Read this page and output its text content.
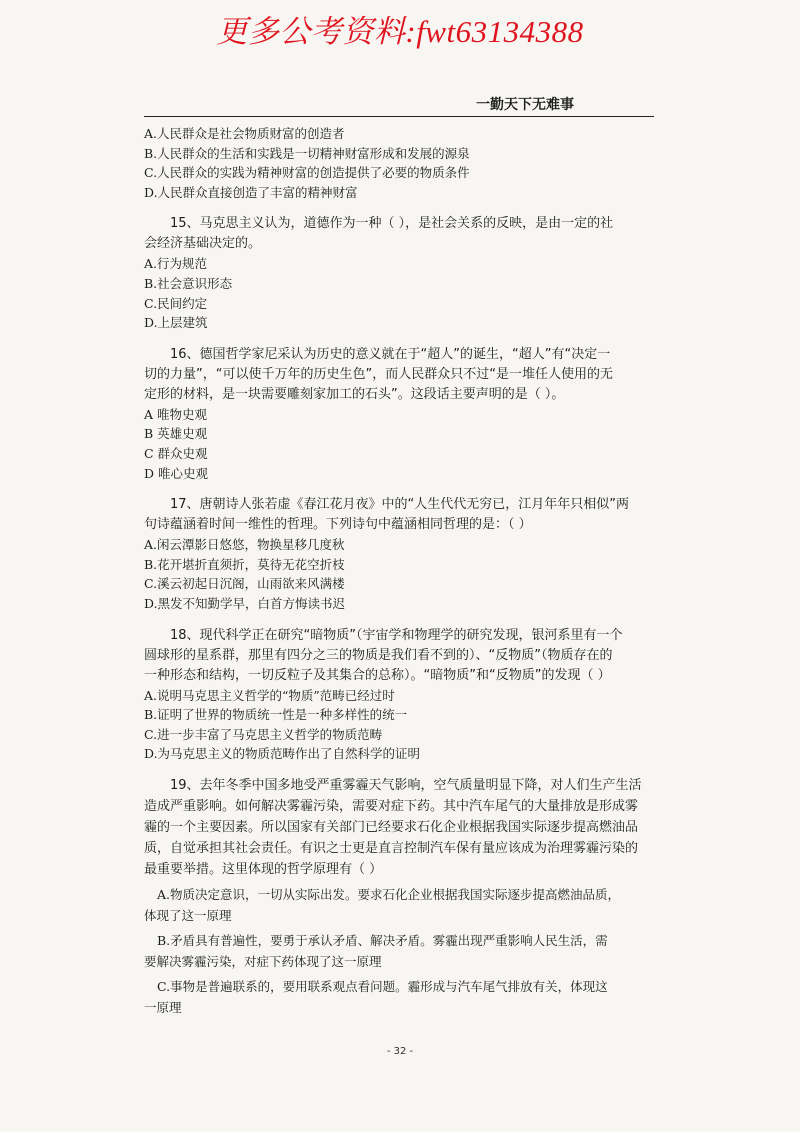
更多公考资料:fwt63134388
一勤天下无难事
A.人民群众是社会物质财富的创造者
B.人民群众的生活和实践是一切精神财富形成和发展的源泉
C.人民群众的实践为精神财富的创造提供了必要的物质条件
D.人民群众直接创造了丰富的精神财富
15、马克思主义认为，道德作为一种（ ），是社会关系的反映，是由一定的社
会经济基础决定的。
A.行为规范
B.社会意识形态
C.民间约定
D.上层建筑
16、德国哲学家尼采认为历史的意义就在于“超人”的诞生，“超人”有“决定一
切的力量”，“可以使千万年的历史生色”，而人民群众只不过“是一堆任人使用的无
定形的材料，是一块需要雕刻家加工的石头”。这段话主要声明的是（ ）。
A 唯物史观
B 英雄史观
C 群众史观
D 唯心史观
17、唐朝诗人张若虚《春江花月夜》中的“人生代代无穷已，江月年年只相似”两
句诗蕴涵着时间一维性的哲理。下列诗句中蕴涵相同哲理的是：（ ）
A.闲云潭影日悠悠，物换星移几度秋
B.花开堪折直须折，莫待无花空折枝
C.溪云初起日沉阁，山雨欲来风满楼
D.黑发不知勤学早，白首方悔读书迟
18、现代科学正在研究“暗物质”（宇宙学和物理学的研究发现，银河系里有一个
圆球形的星系群，那里有四分之三的物质是我们看不到的）、“反物质”（物质存在的
一种形态和结构，一切反粒子及其集合的总称）。“暗物质”和“反物质”的发现（ ）
A.说明马克思主义哲学的“物质”范畴已经过时
B.证明了世界的物质统一性是一种多样性的统一
C.进一步丰富了马克思主义哲学的物质范畴
D.为马克思主义的物质范畴作出了自然科学的证明
19、去年冬季中国多地受严重雾霾天气影响，空气质量明显下降，对人们生产生活
造成严重影响。如何解决雾霾污染，需要对症下药。其中汽车尾气的大量排放是形成雾
霾的一个主要因素。所以国家有关部门已经要求石化企业根据我国实际逐步提高燃油品
质，自觉承担其社会责任。有识之士更是直言控制汽车保有量应该成为治理雾霾污染的
最重要举措。这里体现的哲学原理有（ ）
A.物质决定意识，一切从实际出发。要求石化企业根据我国实际逐步提高燃油品质，
体现了这一原理
B.矛盾具有普遍性，要勇于承认矛盾、解决矛盾。雾霾出现严重影响人民生活，需
要解决雾霾污染，对症下药体现了这一原理
C.事物是普遍联系的，要用联系观点看问题。霾形成与汽车尾气排放有关，体现这
一原理
- 32 -
